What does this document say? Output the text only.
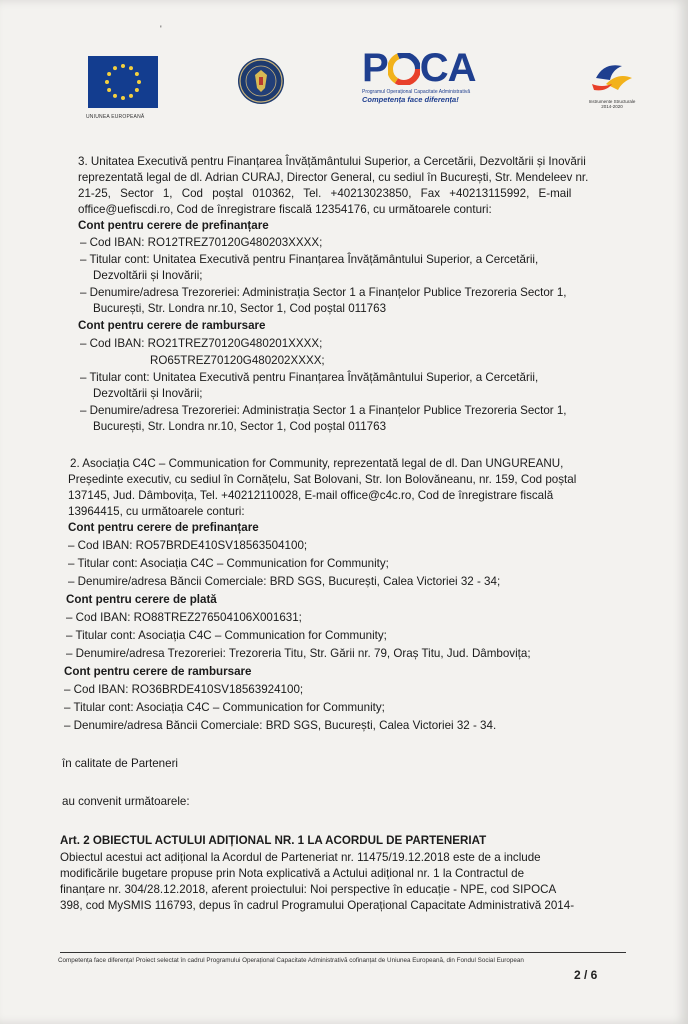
'
UNIUNEA EUROPEANĂ
P CA
Programul Operațional Capacitate Administrativă
Competența face diferența!	Instrumente Structurale
2014-2020
3. Unitatea Executivă pentru Finanțarea Învățământului Superior, a Cercetării, Dezvoltării și Inovării
reprezentată legal de dl. Adrian CURAJ, Director General, cu sediul în București, Str. Mendeleev nr.
21-25, Sector 1, Cod poștal 010362, Tel. +40213023850, Fax +40213115992, E-mail
office@uefiscdi.ro, Cod de înregistrare fiscală 12354176, cu următoarele conturi:
Cont pentru cerere de prefinanțare
– Cod IBAN: RO12TREZ70120G480203XXXX;
– Titular cont: Unitatea Executivă pentru Finanțarea Învățământului Superior, a Cercetării,
Dezvoltării și Inovării;
– Denumire/adresa Trezoreriei: Administrația Sector 1 a Finanțelor Publice Trezoreria Sector 1,
București, Str. Londra nr.10, Sector 1, Cod poștal 011763
Cont pentru cerere de rambursare
– Cod IBAN: RO21TREZ70120G480201XXXX;
RO65TREZ70120G480202XXXX;
– Titular cont: Unitatea Executivă pentru Finanțarea Învățământului Superior, a Cercetării,
Dezvoltării și Inovării;
– Denumire/adresa Trezoreriei: Administrația Sector 1 a Finanțelor Publice Trezoreria Sector 1,
București, Str. Londra nr.10, Sector 1, Cod poștal 011763
2. Asociația C4C – Communication for Community, reprezentată legal de dl. Dan UNGUREANU,
Președinte executiv, cu sediul în Cornățelu, Sat Bolovani, Str. Ion Bolovăneanu, nr. 159, Cod poștal
137145, Jud. Dâmbovița, Tel. +40212110028, E-mail office@c4c.ro, Cod de înregistrare fiscală
13964415, cu următoarele conturi:
Cont pentru cerere de prefinanțare
– Cod IBAN: RO57BRDE410SV18563504100;
– Titular cont: Asociația C4C – Communication for Community;
– Denumire/adresa Băncii Comerciale: BRD SGS, București, Calea Victoriei 32 - 34;
Cont pentru cerere de plată
– Cod IBAN: RO88TREZ276504106X001631;
– Titular cont: Asociația C4C – Communication for Community;
– Denumire/adresa Trezoreriei: Trezoreria Titu, Str. Gării nr. 79, Oraș Titu, Jud. Dâmbovița;
Cont pentru cerere de rambursare
– Cod IBAN: RO36BRDE410SV18563924100;
– Titular cont: Asociația C4C – Communication for Community;
– Denumire/adresa Băncii Comerciale: BRD SGS, București, Calea Victoriei 32 - 34.
în calitate de Parteneri
au convenit următoarele:
Art. 2 OBIECTUL ACTULUI ADIȚIONAL NR. 1 LA ACORDUL DE PARTENERIAT
Obiectul acestui act adițional la Acordul de Parteneriat nr. 11475/19.12.2018 este de a include
modificările bugetare propuse prin Nota explicativă a Actului adițional nr. 1 la Contractul de
finanțare nr. 304/28.12.2018, aferent proiectului: Noi perspective în educație - NPE, cod SIPOCA
398, cod MySMIS 116793, depus în cadrul Programului Operațional Capacitate Administrativă 2014-
Competența face diferența! Proiect selectat în cadrul Programului Operațional Capacitate Administrativă cofinanțat de Uniunea Europeană, din Fondul Social European
2 / 6
